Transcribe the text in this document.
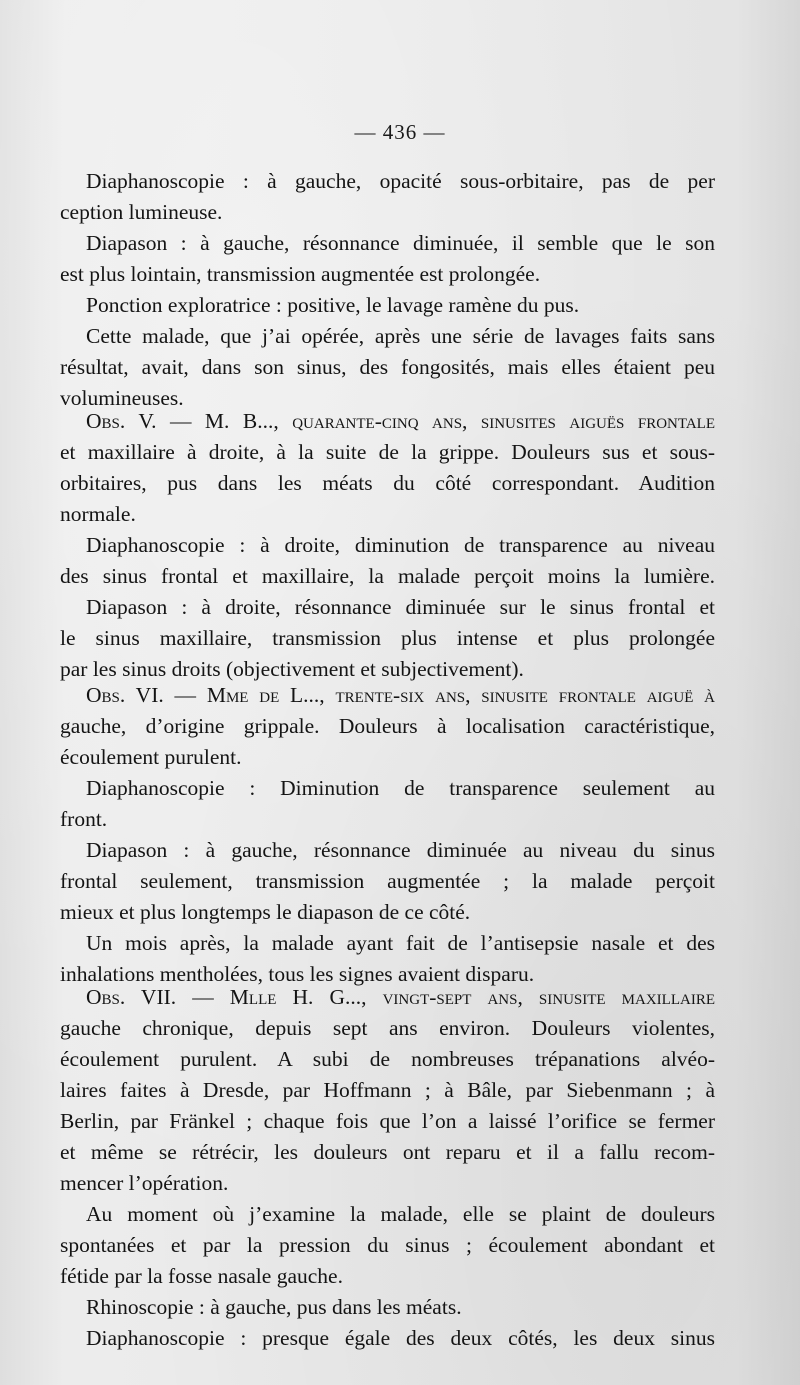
— 436 —
Diaphanoscopie : à gauche, opacité sous-orbitaire, pas de per
ception lumineuse.
Diapason : à gauche, résonnance diminuée, il semble que le son
est plus lointain, transmission augmentée est prolongée.
Ponction exploratrice : positive, le lavage ramène du pus.
Cette malade, que j’ai opérée, après une série de lavages faits sans
résultat, avait, dans son sinus, des fongosités, mais elles étaient peu
volumineuses.
Obs. V. — M. B..., quarante-cinq ans, sinusites aiguës frontale
et maxillaire à droite, à la suite de la grippe. Douleurs sus et sous-
orbitaires, pus dans les méats du côté correspondant. Audition
normale.
Diaphanoscopie : à droite, diminution de transparence au niveau
des sinus frontal et maxillaire, la malade perçoit moins la lumière.
Diapason : à droite, résonnance diminuée sur le sinus frontal et
le sinus maxillaire, transmission plus intense et plus prolongée
par les sinus droits (objectivement et subjectivement).
Obs. VI. — Mme de L..., trente-six ans, sinusite frontale aiguë à
gauche, d’origine grippale. Douleurs à localisation caractéristique,
écoulement purulent.
Diaphanoscopie : Diminution de transparence seulement au
front.
Diapason : à gauche, résonnance diminuée au niveau du sinus
frontal seulement, transmission augmentée ; la malade perçoit
mieux et plus longtemps le diapason de ce côté.
Un mois après, la malade ayant fait de l’antisepsie nasale et des
inhalations mentholées, tous les signes avaient disparu.
Obs. VII. — Mlle H. G..., vingt-sept ans, sinusite maxillaire
gauche chronique, depuis sept ans environ. Douleurs violentes,
écoulement purulent. A subi de nombreuses trépanations alvéo-
laires faites à Dresde, par Hoffmann ; à Bâle, par Siebenmann ; à
Berlin, par Fränkel ; chaque fois que l’on a laissé l’orifice se fermer
et même se rétrécir, les douleurs ont reparu et il a fallu recom-
mencer l’opération.
Au moment où j’examine la malade, elle se plaint de douleurs
spontanées et par la pression du sinus ; écoulement abondant et
fétide par la fosse nasale gauche.
Rhinoscopie : à gauche, pus dans les méats.
Diaphanoscopie : presque égale des deux côtés, les deux sinus
